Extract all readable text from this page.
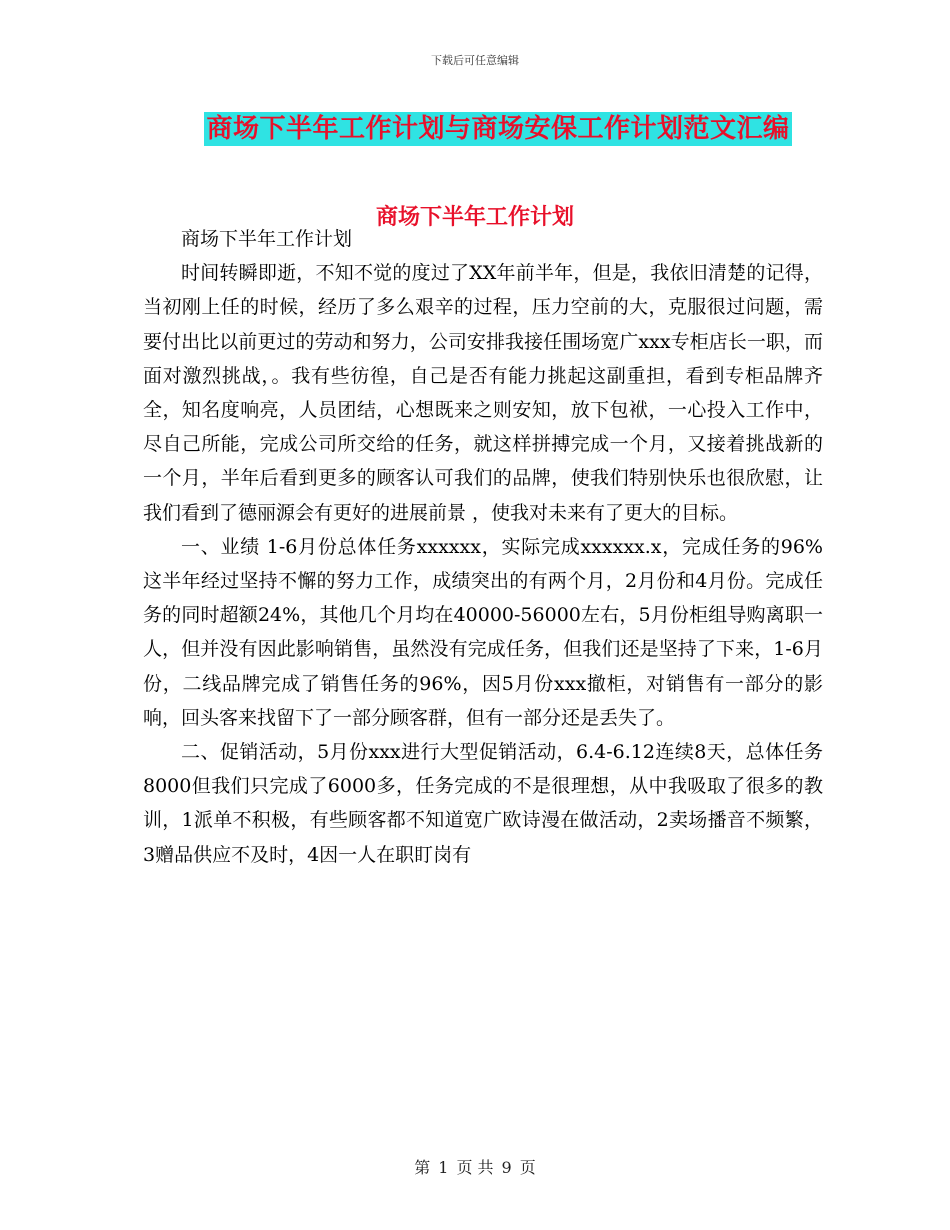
下载后可任意编辑
商场下半年工作计划与商场安保工作计划范文汇编
商场下半年工作计划

商场下半年工作计划

时间转瞬即逝，不知不觉的度过了XX年前半年，但是，我依旧清楚的记得，当初刚上任的时候，经历了多么艰辛的过程，压力空前的大，克服很过问题，需要付出比以前更过的劳动和努力，公司安排我接任围场宽广xxx专柜店长一职，而面对激烈挑战，。我有些彷徨，自己是否有能力挑起这副重担，看到专柜品牌齐全，知名度响亮，人员团结，心想既来之则安知，放下包袱，一心投入工作中，尽自己所能，完成公司所交给的任务，就这样拼搏完成一个月，又接着挑战新的一个月，半年后看到更多的顾客认可我们的品牌，使我们特别快乐也很欣慰，让我们看到了德丽源会有更好的进展前景 ，使我对未来有了更大的目标。

一、业绩 1-6月份总体任务xxxxxx，实际完成xxxxxx.x，完成任务的96%这半年经过坚持不懈的努力工作，成绩突出的有两个月，2月份和4月份。完成任务的同时超额24%，其他几个月均在40000-56000左右，5月份柜组导购离职一人，但并没有因此影响销售，虽然没有完成任务，但我们还是坚持了下来，1-6月份，二线品牌完成了销售任务的96%，因5月份xxx撤柜，对销售有一部分的影响，回头客来找留下了一部分顾客群，但有一部分还是丢失了。

二、促销活动，5月份xxx进行大型促销活动，6.4-6.12连续8天，总体任务8000但我们只完成了6000多，任务完成的不是很理想，从中我吸取了很多的教训，1派单不积极，有些顾客都不知道宽广欧诗漫在做活动，2卖场播音不频繁，3赠品供应不及时，4因一人在职盯岗有

第 1 页 共 9 页
